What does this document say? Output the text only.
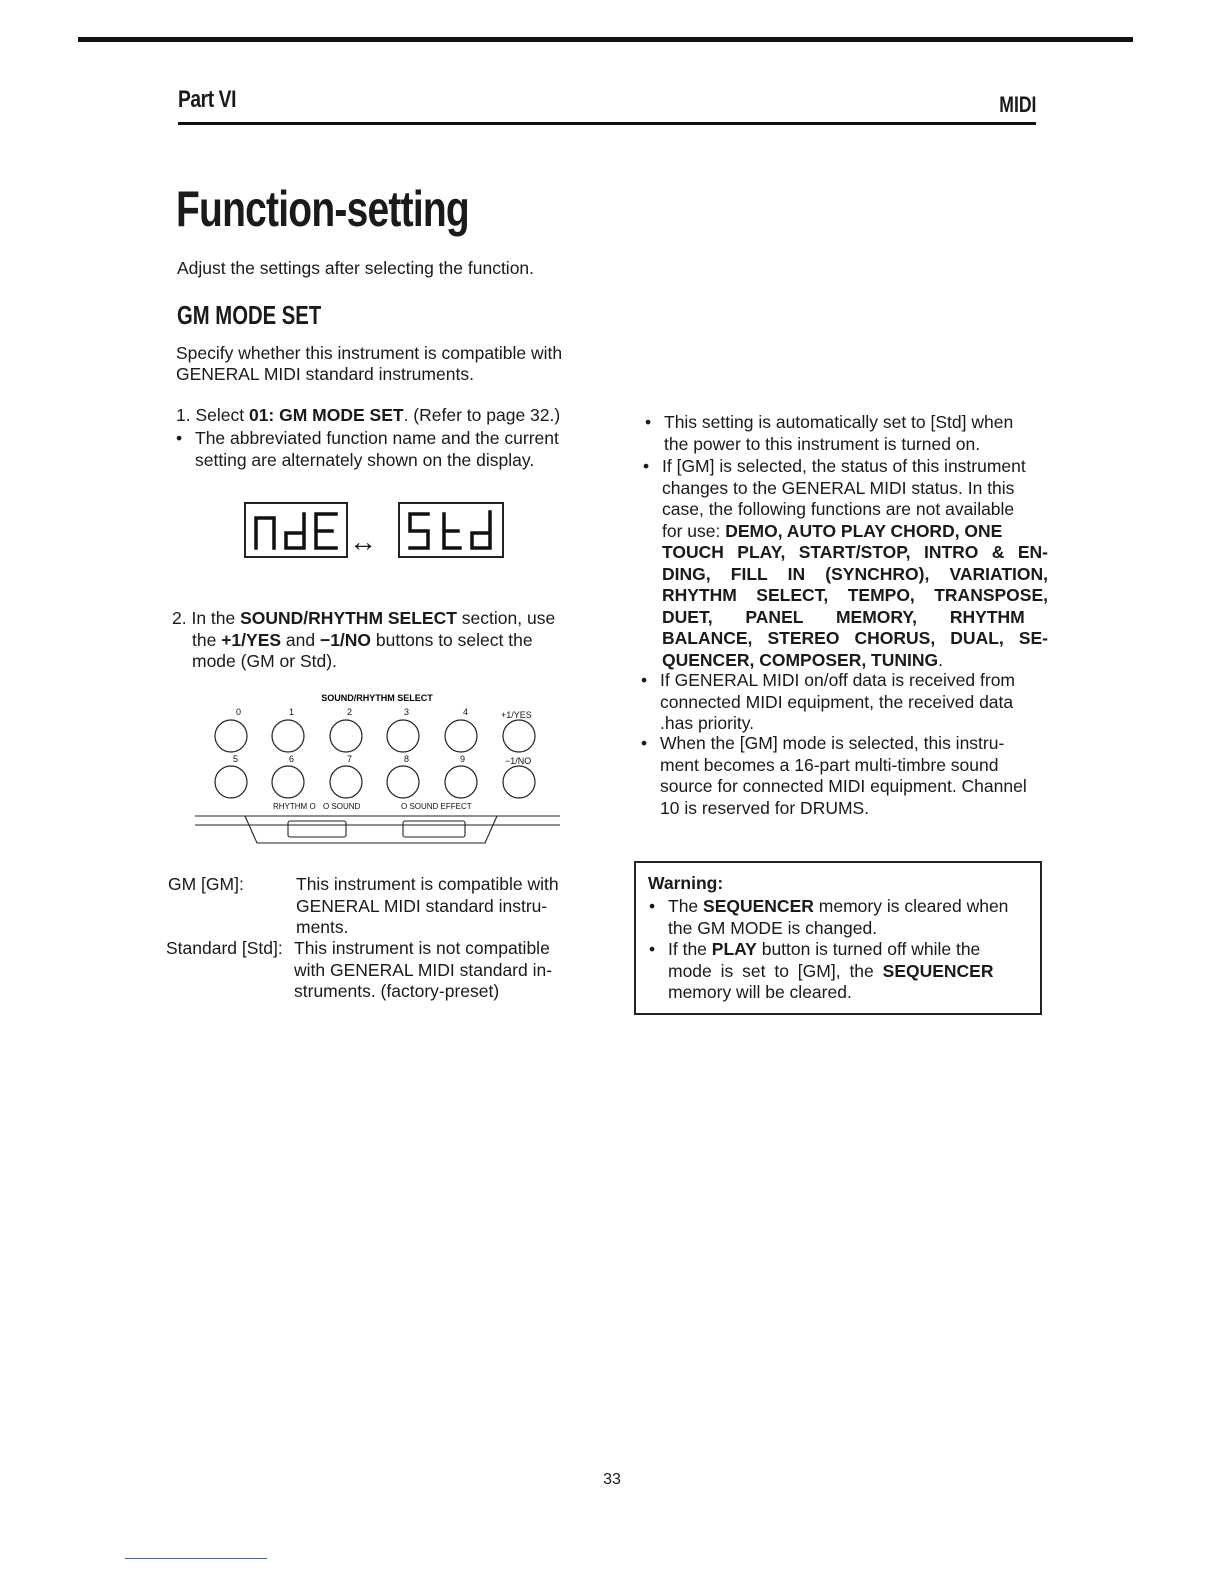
Part VI	MIDI
Function-setting

Adjust the settings after selecting the function.

GM MODE SET

Specify whether this instrument is compatible with

GENERAL MIDI standard instruments.

1. Select 01: GM MODE SET. (Refer to page 32.)

• The abbreviated function name and the current
setting are alternately shown on the display.
↔
2. In the SOUND/RHYTHM SELECT section, use
the +1/YES and −1/NO buttons to select the
mode (GM or Std).
SOUND/RHYTHM SELECT
0	1	2	3	4	+1/YES
5	6	7	8	9	−1/NO
RHYTHM O O SOUND	O SOUND EFFECT
GM [GM]:	This instrument is compatible with
GENERAL MIDI standard instru-
ments.
Standard [Std]: This instrument is not compatible
with GENERAL MIDI standard in-
struments. (factory-preset)
• This setting is automatically set to [Std] when
the power to this instrument is turned on.
• If [GM] is selected, the status of this instrument
changes to the GENERAL MIDI status. In this
case, the following functions are not available
for use: DEMO, AUTO PLAY CHORD, ONE
TOUCH PLAY, START/STOP, INTRO & EN-
DING, FILL IN (SYNCHRO), VARIATION,
RHYTHM SELECT, TEMPO, TRANSPOSE,
DUET, PANEL MEMORY, RHYTHM
BALANCE, STEREO CHORUS, DUAL, SE-
QUENCER, COMPOSER, TUNING.
• If GENERAL MIDI on/off data is received from
connected MIDI equipment, the received data
.has priority.
• When the [GM] mode is selected, this instru-
ment becomes a 16-part multi-timbre sound
source for connected MIDI equipment. Channel
10 is reserved for DRUMS.
Warning:
• The SEQUENCER memory is cleared when
the GM MODE is changed.
• If the PLAY button is turned off while the
mode is set to [GM], the SEQUENCER
memory will be cleared.
33
